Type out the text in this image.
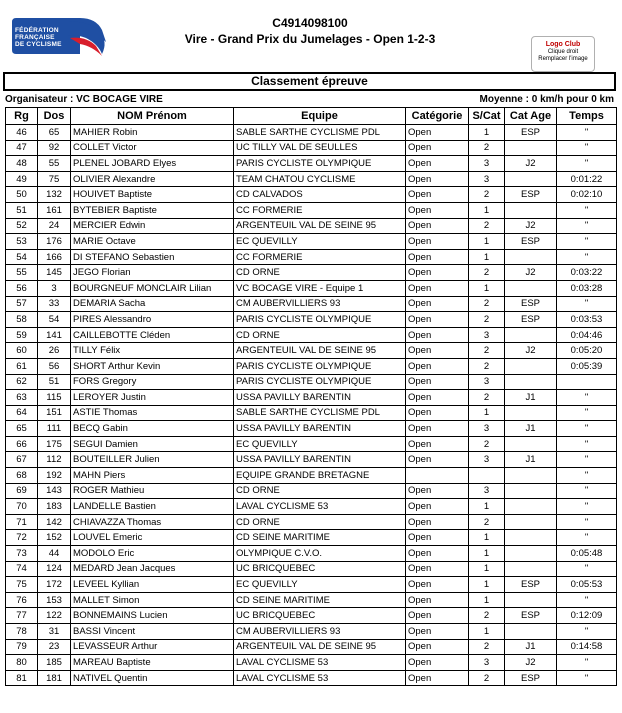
FÉDÉRATION
FRANÇAISE
DE CYCLISME
C4914098100
Vire - Grand Prix du Jumelages - Open 1-2-3	Logo Club
Clique droit
Remplacer l'image
Classement épreuve
Organisateur : VC BOCAGE VIRE	Moyenne : 0 km/h pour 0 km
Rg	Dos	NOM Prénom	Equipe	Catégorie	S/Cat	Cat Age	Temps
46	65	MAHIER Robin	SABLE SARTHE CYCLISME PDL	Open	1	ESP	"
47	92	COLLET Victor	UC TILLY VAL DE SEULLES	Open	2		"
48	55	PLENEL JOBARD Elyes	PARIS CYCLISTE OLYMPIQUE	Open	3	J2	"
49	75	OLIVIER Alexandre	TEAM CHATOU CYCLISME	Open	3		0:01:22
50	132	HOUIVET Baptiste	CD CALVADOS	Open	2	ESP	0:02:10
51	161	BYTEBIER Baptiste	CC FORMERIE	Open	1		"
52	24	MERCIER Edwin	ARGENTEUIL VAL DE SEINE 95	Open	2	J2	"
53	176	MARIE Octave	EC QUEVILLY	Open	1	ESP	"
54	166	DI STEFANO Sebastien	CC FORMERIE	Open	1		"
55	145	JEGO Florian	CD ORNE	Open	2	J2	0:03:22
56	3	BOURGNEUF MONCLAIR Lilian	VC BOCAGE VIRE - Equipe 1	Open	1		0:03:28
57	33	DEMARIA Sacha	CM AUBERVILLIERS 93	Open	2	ESP	"
58	54	PIRES Alessandro	PARIS CYCLISTE OLYMPIQUE	Open	2	ESP	0:03:53
59	141	CAILLEBOTTE Cléden	CD ORNE	Open	3		0:04:46
60	26	TILLY Félix	ARGENTEUIL VAL DE SEINE 95	Open	2	J2	0:05:20
61	56	SHORT Arthur Kevin	PARIS CYCLISTE OLYMPIQUE	Open	2		0:05:39
62	51	FORS Gregory	PARIS CYCLISTE OLYMPIQUE	Open	3		
63	115	LEROYER Justin	USSA PAVILLY BARENTIN	Open	2	J1	"
64	151	ASTIE Thomas	SABLE SARTHE CYCLISME PDL	Open	1		"
65	111	BECQ Gabin	USSA PAVILLY BARENTIN	Open	3	J1	"
66	175	SEGUI Damien	EC QUEVILLY	Open	2		"
67	112	BOUTEILLER Julien	USSA PAVILLY BARENTIN	Open	3	J1	"
68	192	MAHN Piers	EQUIPE GRANDE BRETAGNE				"
69	143	ROGER Mathieu	CD ORNE	Open	3		"
70	183	LANDELLE Bastien	LAVAL CYCLISME 53	Open	1		"
71	142	CHIAVAZZA Thomas	CD ORNE	Open	2		"
72	152	LOUVEL Emeric	CD SEINE MARITIME	Open	1		"
73	44	MODOLO Eric	OLYMPIQUE C.V.O.	Open	1		0:05:48
74	124	MEDARD Jean Jacques	UC BRICQUEBEC	Open	1		"
75	172	LEVEEL Kyllian	EC QUEVILLY	Open	1	ESP	0:05:53
76	153	MALLET Simon	CD SEINE MARITIME	Open	1		"
77	122	BONNEMAINS Lucien	UC BRICQUEBEC	Open	2	ESP	0:12:09
78	31	BASSI Vincent	CM AUBERVILLIERS 93	Open	1		"
79	23	LEVASSEUR Arthur	ARGENTEUIL VAL DE SEINE 95	Open	2	J1	0:14:58
80	185	MAREAU Baptiste	LAVAL CYCLISME 53	Open	3	J2	"
81	181	NATIVEL Quentin	LAVAL CYCLISME 53	Open	2	ESP	"
